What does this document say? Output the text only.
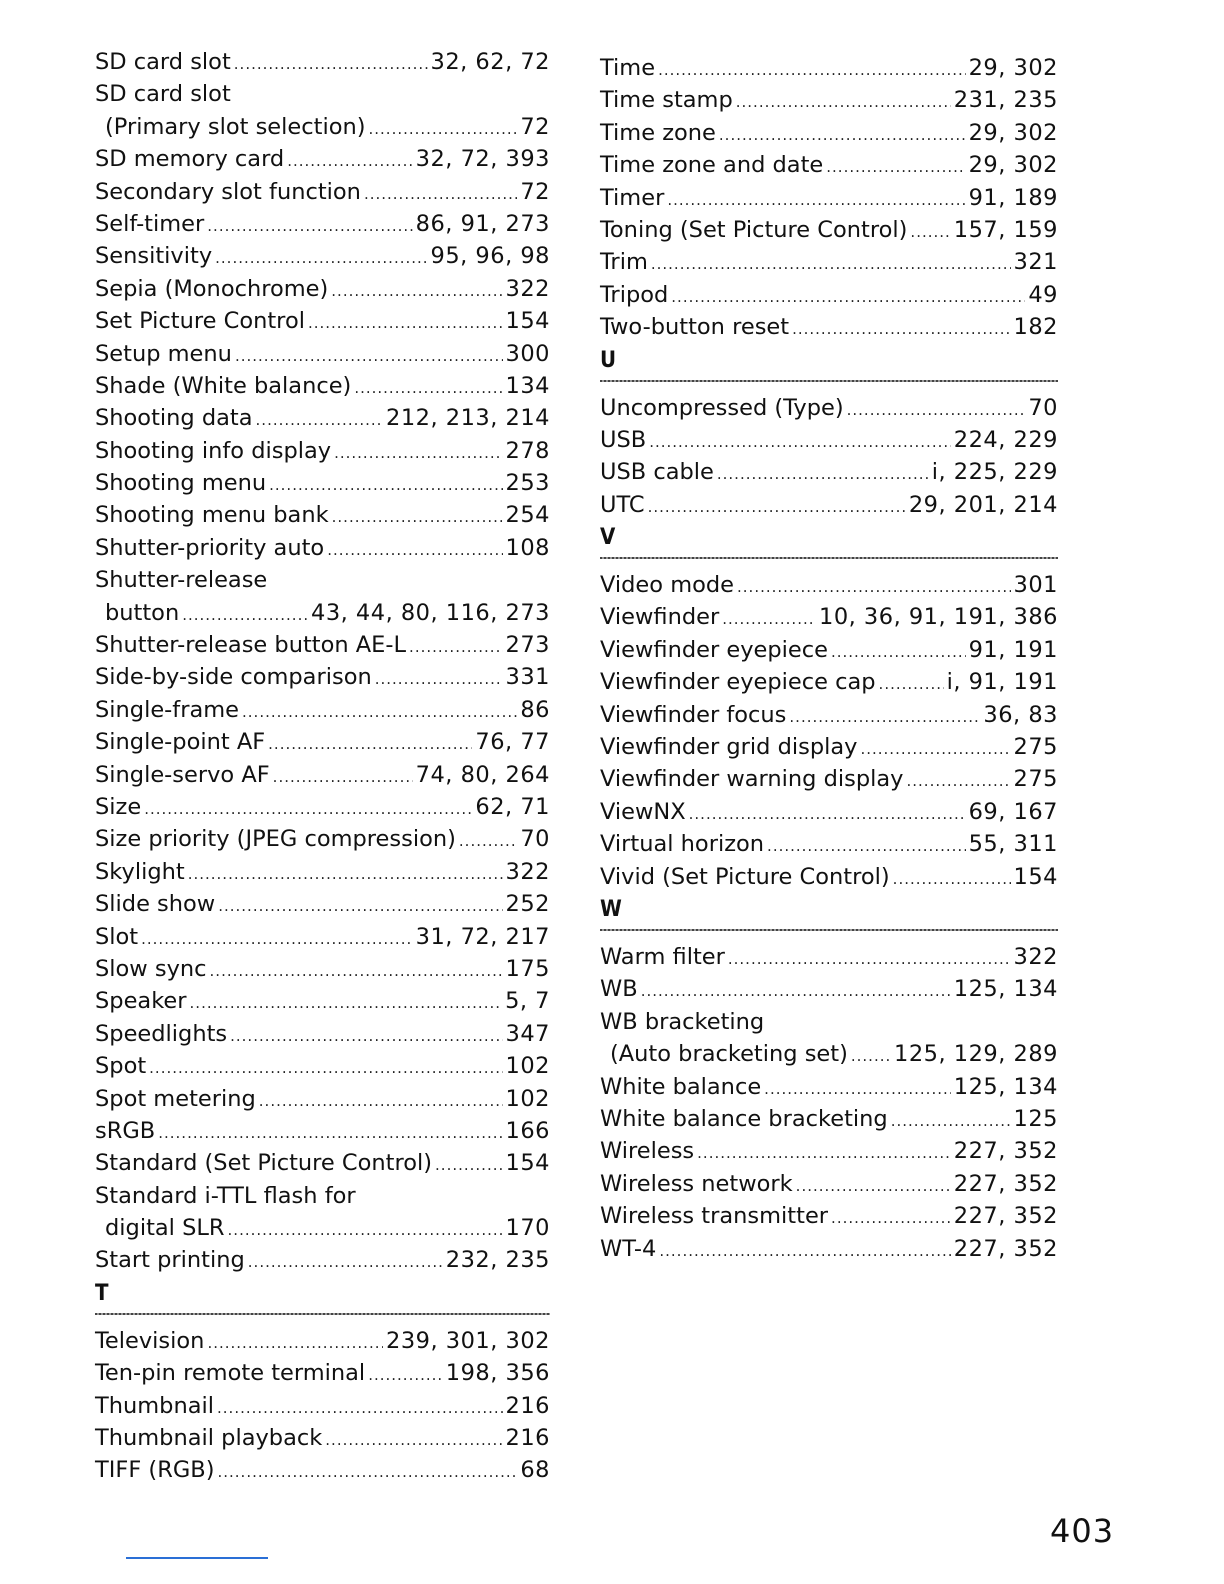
SD card slot .....	32, 62, 72
SD card slot
(Primary slot selection) .....	72
SD memory card .....	32, 72, 393
Secondary slot function .....	72
Self-timer .....	86, 91, 273
Sensitivity .....	95, 96, 98
Sepia (Monochrome) .....	322
Set Picture Control .....	154
Setup menu .....	300
Shade (White balance) .....	134
Shooting data .....	212, 213, 214
Shooting info display .....	278
Shooting menu .....	253
Shooting menu bank .....	254
Shutter-priority auto .....	108
Shutter-release
button .....	43, 44, 80, 116, 273
Shutter-release button AE-L .....	273
Side-by-side comparison .....	331
Single-frame .....	86
Single-point AF .....	76, 77
Single-servo AF .....	74, 80, 264
Size .....	62, 71
Size priority (JPEG compression) .....	70
Skylight .....	322
Slide show .....	252
Slot .....	31, 72, 217
Slow sync .....	175
Speaker .....	5, 7
Speedlights .....	347
Spot .....	102
Spot metering .....	102
sRGB .....	166
Standard (Set Picture Control) .....	154
Standard i-TTL flash for
digital SLR .....	170
Start printing .....	232, 235
T
Television .....	239, 301, 302
Ten-pin remote terminal .....	198, 356
Thumbnail .....	216
Thumbnail playback .....	216
TIFF (RGB) .....	68
Time .....	29, 302
Time stamp .....	231, 235
Time zone .....	29, 302
Time zone and date .....	29, 302
Timer .....	91, 189
Toning (Set Picture Control) ..... 157, 159
Trim .....	321
Tripod .....	49
Two-button reset .....	182
U
Uncompressed (Type) .....	70
USB .....	224, 229
USB cable .....	i, 225, 229
UTC .....	29, 201, 214
V
Video mode .....	301
Viewfinder .....	10, 36, 91, 191, 386
Viewfinder eyepiece .....	91, 191
Viewfinder eyepiece cap .....	i, 91, 191
Viewfinder focus .....	36, 83
Viewfinder grid display .....	275
Viewfinder warning display .....	275
ViewNX .....	69, 167
Virtual horizon .....	55, 311
Vivid (Set Picture Control) .....	154
W
Warm filter .....	322
WB .....	125, 134
WB bracketing
(Auto bracketing set) ..... 125, 129, 289
White balance .....	125, 134
White balance bracketing .....	125
Wireless .....	227, 352
Wireless network .....	227, 352
Wireless transmitter .....	227, 352
WT-4 .....	227, 352
403
